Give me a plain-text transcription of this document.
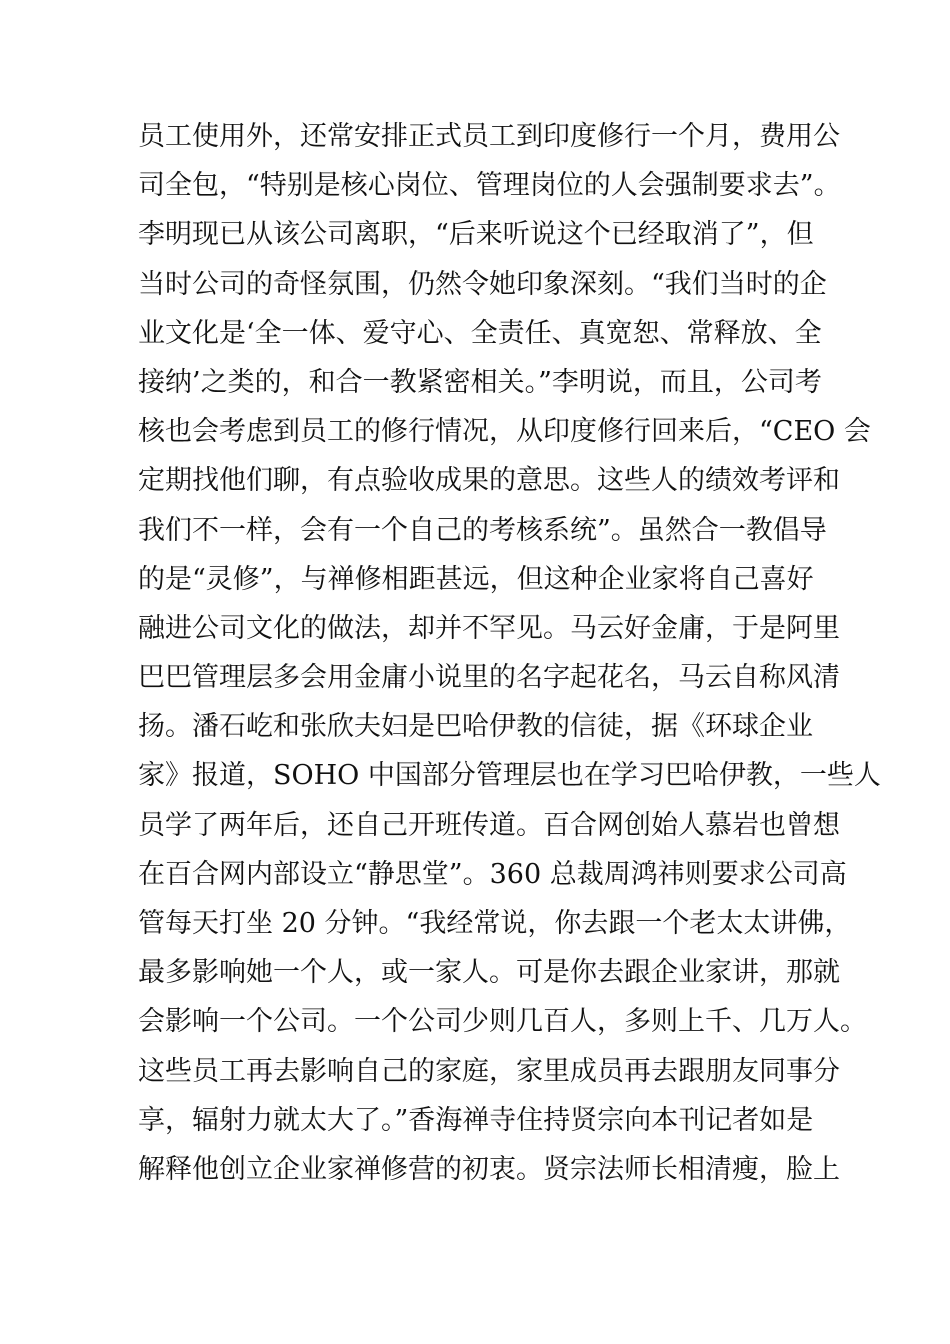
员工使用外，还常安排正式员工到印度修行一个月，费用公
司全包，“特别是核心岗位、管理岗位的人会强制要求去”。
李明现已从该公司离职，“后来听说这个已经取消了”，但
当时公司的奇怪氛围，仍然令她印象深刻。“我们当时的企
业文化是‘全一体、爱守心、全责任、真宽恕、常释放、全
接纳’之类的，和合一教紧密相关。”李明说，而且，公司考
核也会考虑到员工的修行情况，从印度修行回来后，“CEO 会
定期找他们聊，有点验收成果的意思。这些人的绩效考评和
我们不一样，会有一个自己的考核系统”。虽然合一教倡导
的是“灵修”，与禅修相距甚远，但这种企业家将自己喜好
融进公司文化的做法，却并不罕见。马云好金庸，于是阿里
巴巴管理层多会用金庸小说里的名字起花名，马云自称风清
扬。潘石屹和张欣夫妇是巴哈伊教的信徒，据《环球企业
家》报道，SOHO 中国部分管理层也在学习巴哈伊教，一些人
员学了两年后，还自己开班传道。百合网创始人慕岩也曾想
在百合网内部设立“静思堂”。360 总裁周鸿祎则要求公司高
管每天打坐 20 分钟。“我经常说，你去跟一个老太太讲佛，
最多影响她一个人，或一家人。可是你去跟企业家讲，那就
会影响一个公司。一个公司少则几百人，多则上千、几万人。
这些员工再去影响自己的家庭，家里成员再去跟朋友同事分
享，辐射力就太大了。”香海禅寺住持贤宗向本刊记者如是
解释他创立企业家禅修营的初衷。贤宗法师长相清瘦，脸上
